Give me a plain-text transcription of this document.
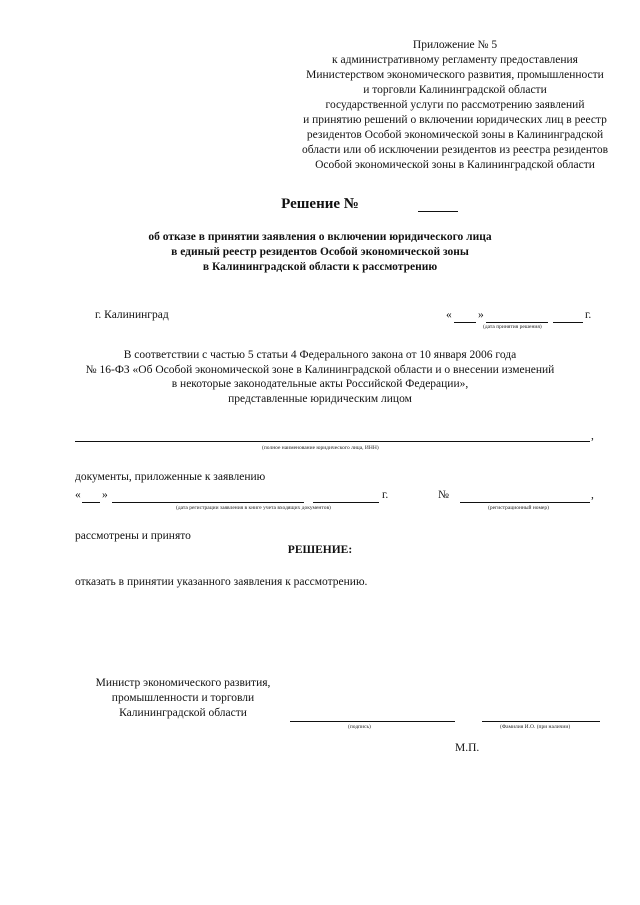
Приложение № 5
к административному регламенту предоставления
Министерством экономического развития, промышленности
и торговли Калининградской области
государственной услуги по рассмотрению заявлений
и принятию решений о включении юридических лиц в реестр
резидентов Особой экономической зоны в Калининградской
области или об исключении резидентов из реестра резидентов
Особой экономической зоны в Калининградской области
Решение №
об отказе в принятии заявления о включении юридического лица
в единый реестр резидентов Особой экономической зоны
в Калининградской области к рассмотрению
г. Калининград	« »	г.
(дата принятия решения)
В соответствии с частью 5 статьи 4 Федерального закона от 10 января 2006 года
№ 16-ФЗ «Об Особой экономической зоне в Калининградской области и о внесении изменений
в некоторые законодательные акты Российской Федерации»,
представленные юридическим лицом
,
(полное наименование юридического лица, ИНН)
документы, приложенные к заявлению
« »	г.	№	,
(дата регистрации заявления в книге учета входящих документов)	(регистрационный номер)
рассмотрены и принято
РЕШЕНИЕ:
отказать в принятии указанного заявления к рассмотрению.
Министр экономического развития,
промышленности и торговли
Калининградской области
(подпись)	(Фамилия И.О. (при наличии)
М.П.
